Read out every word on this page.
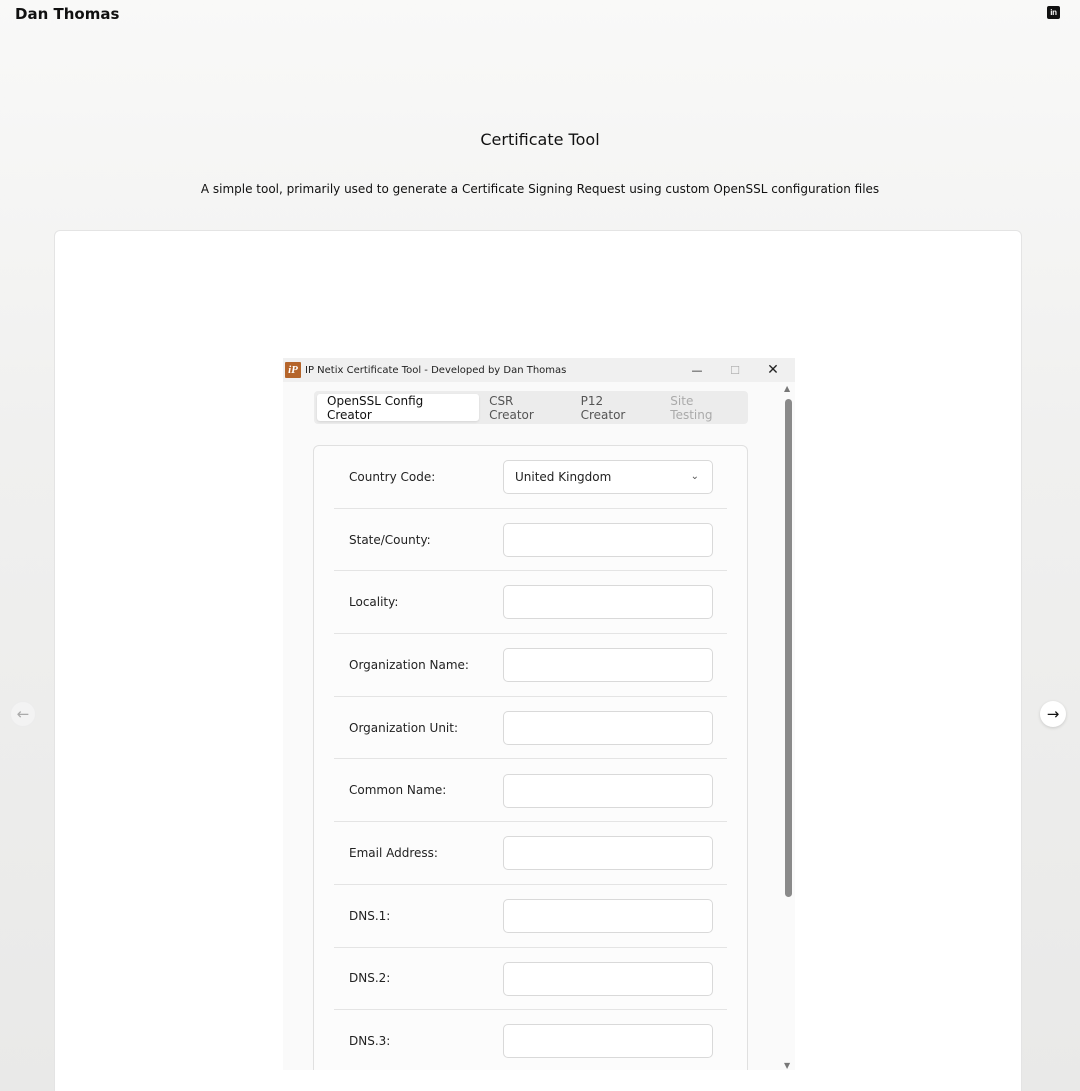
Dan Thomas	in
Certificate Tool
A simple tool, primarily used to generate a Certificate Signing Request using custom OpenSSL configuration files
←	→
iP IP Netix Certificate Tool - Developed by Dan Thomas	—	☐	✕
OpenSSL Config Creator
CSR Creator
P12 Creator
Site Testing
Country Code:	United Kingdom	⌄
State/County:
Locality:
Organization Name:
Organization Unit:
Common Name:
Email Address:
DNS.1:
DNS.2:
DNS.3:
▲
▼
